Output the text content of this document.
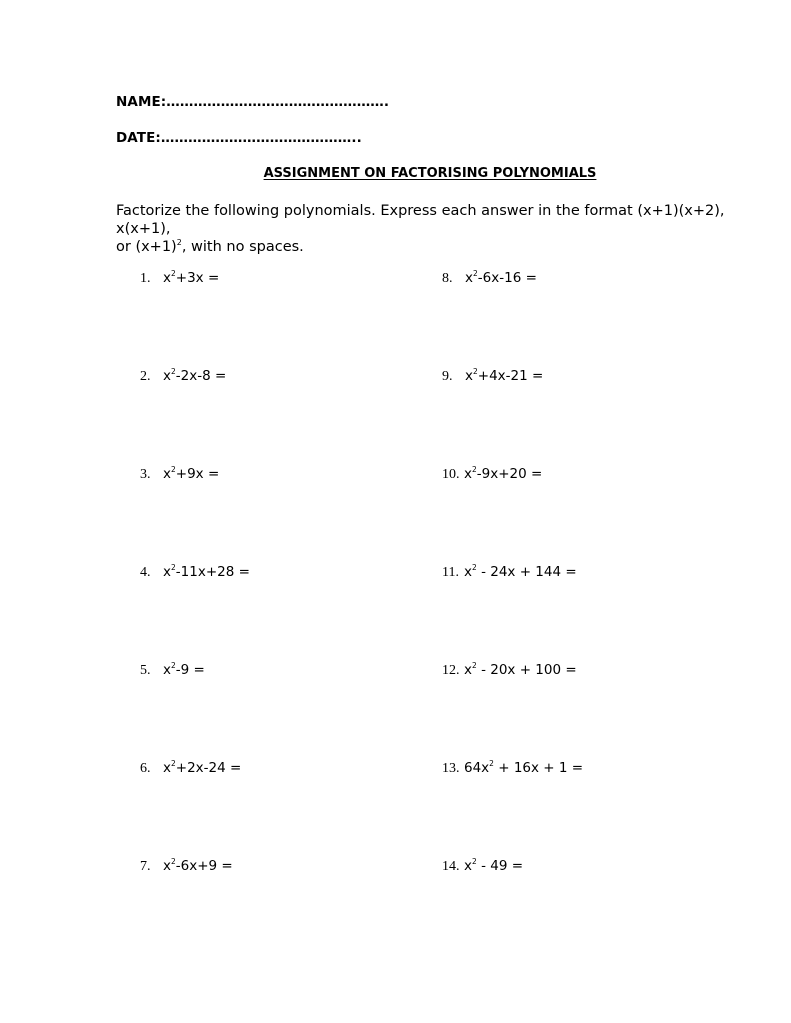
NAME:………………………………………….
DATE:……………………………………..
ASSIGNMENT ON FACTORISING POLYNOMIALS
Factorize the following polynomials. Express each answer in the format (x+1)(x+2), x(x+1),
or $(x+1)^2$, with no spaces.
1. $x^2+3x$ =
2. $x^2-2x-8$ =
3. $x^2+9x$ =
4. $x^2-11x+28$ =
5. $x^2-9$ =
6. $x^2+2x-24$ =
7. $x^2-6x+9$ =
8. $x^2-6x-16$ =
9. $x^2+4x-21$ =
10. $x^2-9x+20$ =
11. $x^2 - 24x + 144$ =
12. $x^2 - 20x + 100$ =
13. $64x^2 + 16x + 1$ =
14. $x^2 - 49$ =
